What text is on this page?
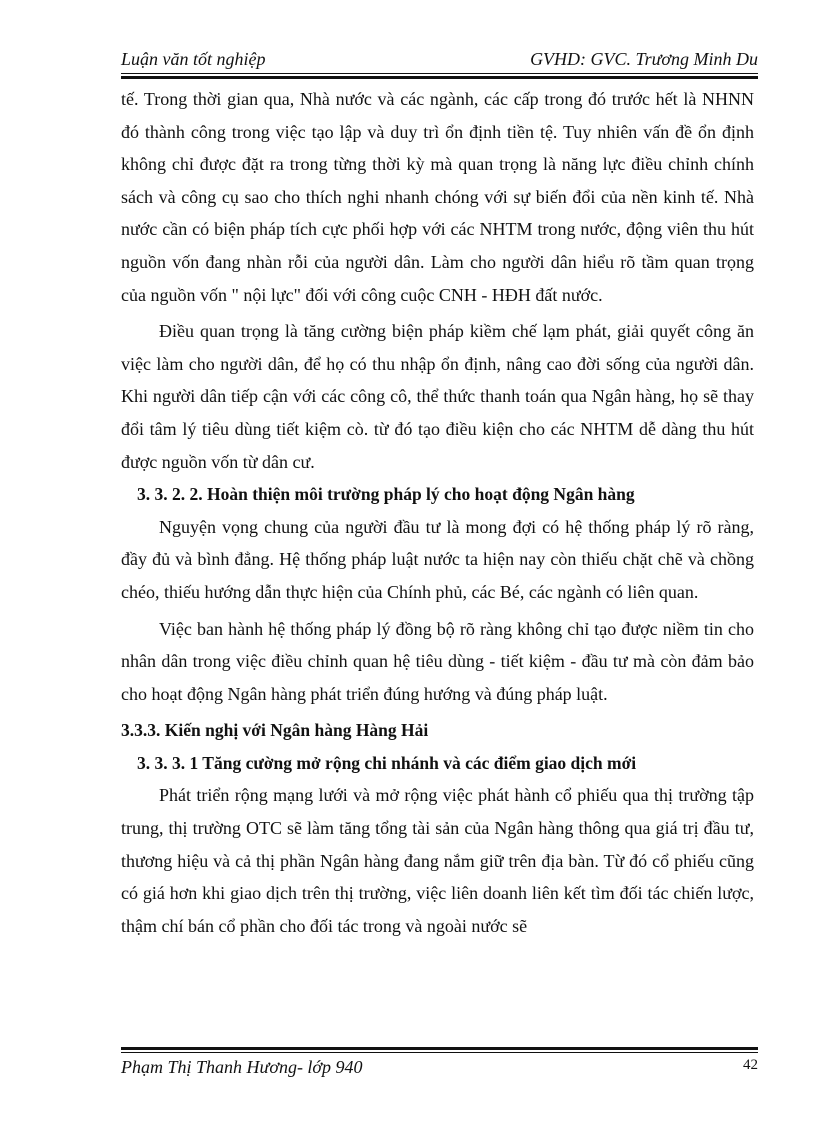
Luận văn tốt nghiệp	GVHD: GVC. Trương Minh Du

tế. Trong thời gian qua, Nhà nước và các ngành, các cấp trong đó trước hết là NHNN đó thành công trong việc tạo lập và duy trì ổn định tiền tệ. Tuy nhiên vấn đề ổn định không chỉ được đặt ra trong từng thời kỳ mà quan trọng là năng lực điều chỉnh chính sách và công cụ sao cho thích nghi nhanh chóng với sự biến đổi của nền kinh tế. Nhà nước cần có biện pháp tích cực phối hợp với các NHTM trong nước, động viên thu hút nguồn vốn đang nhàn rỗi của người dân. Làm cho người dân hiểu rõ tầm quan trọng của nguồn vốn " nội lực" đối với công cuộc CNH - HĐH đất nước.

Điều quan trọng là tăng cường biện pháp kiềm chế lạm phát, giải quyết công ăn việc làm cho người dân, để họ có thu nhập ổn định, nâng cao đời sống của người dân. Khi người dân tiếp cận với các công cô, thể thức thanh toán qua Ngân hàng, họ sẽ thay đổi tâm lý tiêu dùng tiết kiệm cò. từ đó tạo điều kiện cho các NHTM dễ dàng thu hút được nguồn vốn từ dân cư.

3. 3. 2. 2. Hoàn thiện môi trường pháp lý cho hoạt động Ngân hàng

Nguyện vọng chung của người đầu tư là mong đợi có hệ thống pháp lý rõ ràng, đầy đủ và bình đẳng. Hệ thống pháp luật nước ta hiện nay còn thiếu chặt chẽ và chồng chéo, thiếu hướng dẫn thực hiện của Chính phủ, các Bé, các ngành có liên quan.

Việc ban hành hệ thống pháp lý đồng bộ rõ ràng không chỉ tạo được niềm tin cho nhân dân trong việc điều chỉnh quan hệ tiêu dùng - tiết kiệm - đầu tư mà còn đảm bảo cho hoạt động Ngân hàng phát triển đúng hướng và đúng pháp luật.

3.3.3. Kiến nghị với Ngân hàng Hàng Hải

3. 3. 3. 1 Tăng cường mở rộng chi nhánh và các điểm giao dịch mới

Phát triển rộng mạng lưới và mở rộng việc phát hành cổ phiếu qua thị trường tập trung, thị trường OTC sẽ làm tăng tổng tài sản của Ngân hàng thông qua giá trị đầu tư, thương hiệu và cả thị phần Ngân hàng đang nắm giữ trên địa bàn. Từ đó cổ phiếu cũng có giá hơn khi giao dịch trên thị trường, việc liên doanh liên kết tìm đối tác chiến lược, thậm chí bán cổ phần cho đối tác trong và ngoài nước sẽ

Phạm Thị Thanh Hương- lớp 940	42
